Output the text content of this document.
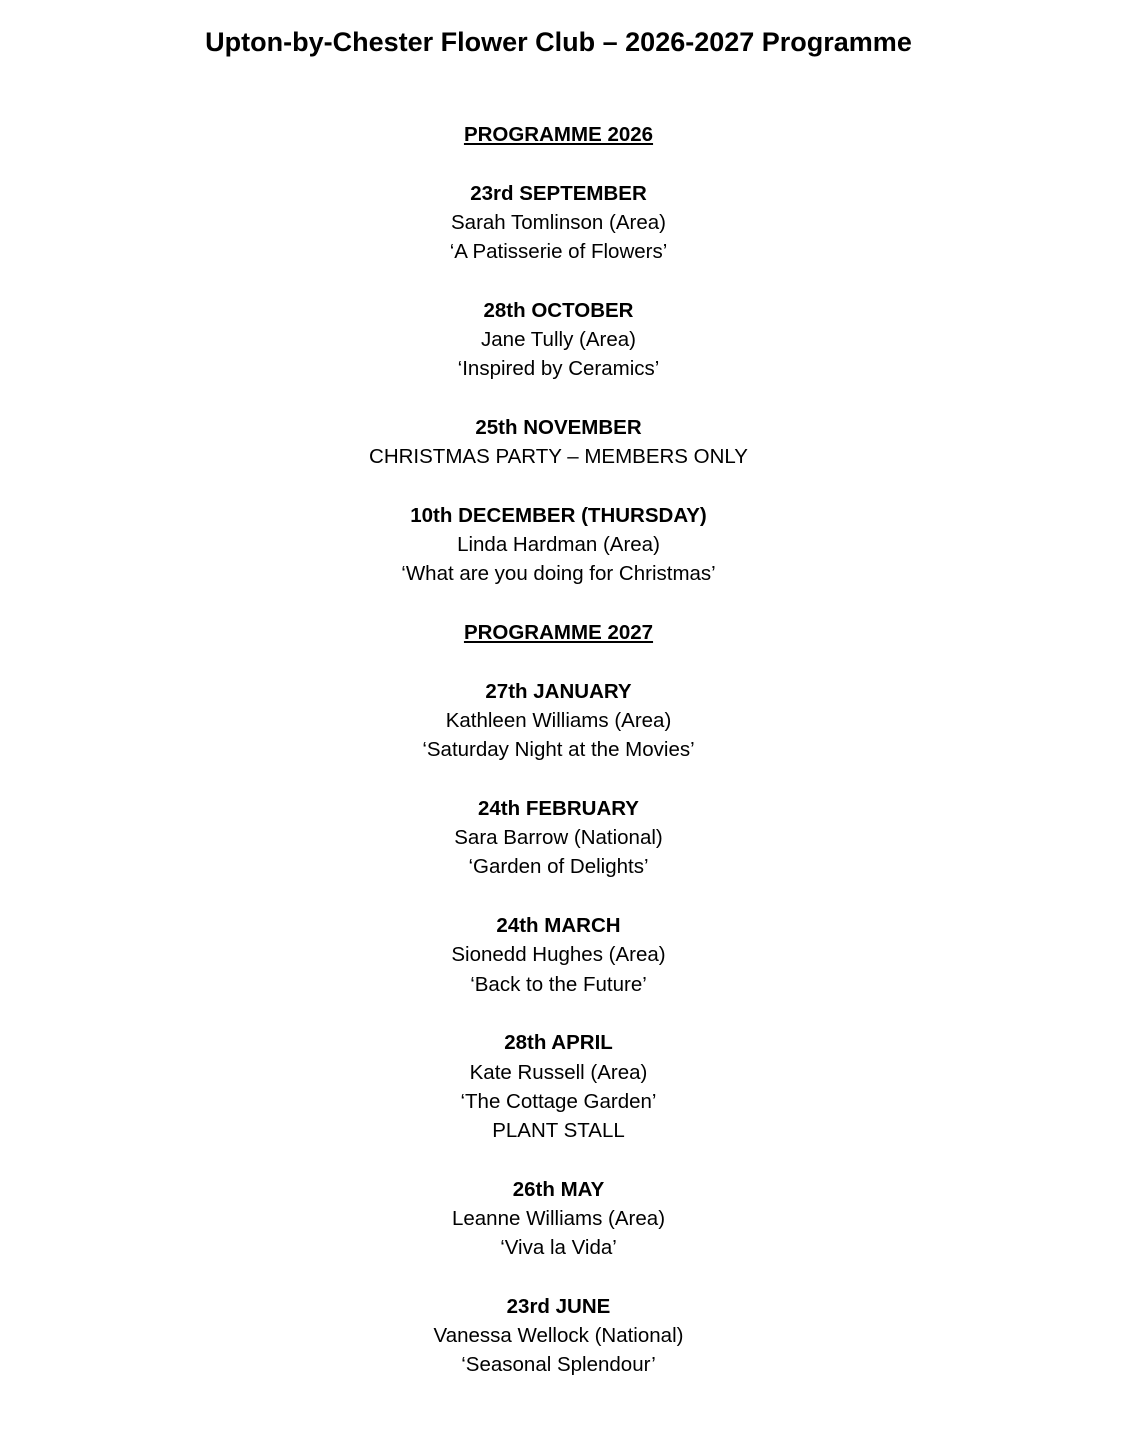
Upton-by-Chester Flower Club – 2026-2027 Programme
PROGRAMME 2026
23rd SEPTEMBER
Sarah Tomlinson (Area)
‘A Patisserie of Flowers’
28th OCTOBER
Jane Tully (Area)
‘Inspired by Ceramics’
25th NOVEMBER
CHRISTMAS PARTY – MEMBERS ONLY
10th DECEMBER (THURSDAY)
Linda Hardman (Area)
‘What are you doing for Christmas’
PROGRAMME 2027
27th JANUARY
Kathleen Williams (Area)
‘Saturday Night at the Movies’
24th FEBRUARY
Sara Barrow (National)
‘Garden of Delights’
24th MARCH
Sionedd Hughes (Area)
‘Back to the Future’
28th APRIL
Kate Russell (Area)
‘The Cottage Garden’
PLANT STALL
26th MAY
Leanne Williams (Area)
‘Viva la Vida’
23rd JUNE
Vanessa Wellock (National)
‘Seasonal Splendour’
